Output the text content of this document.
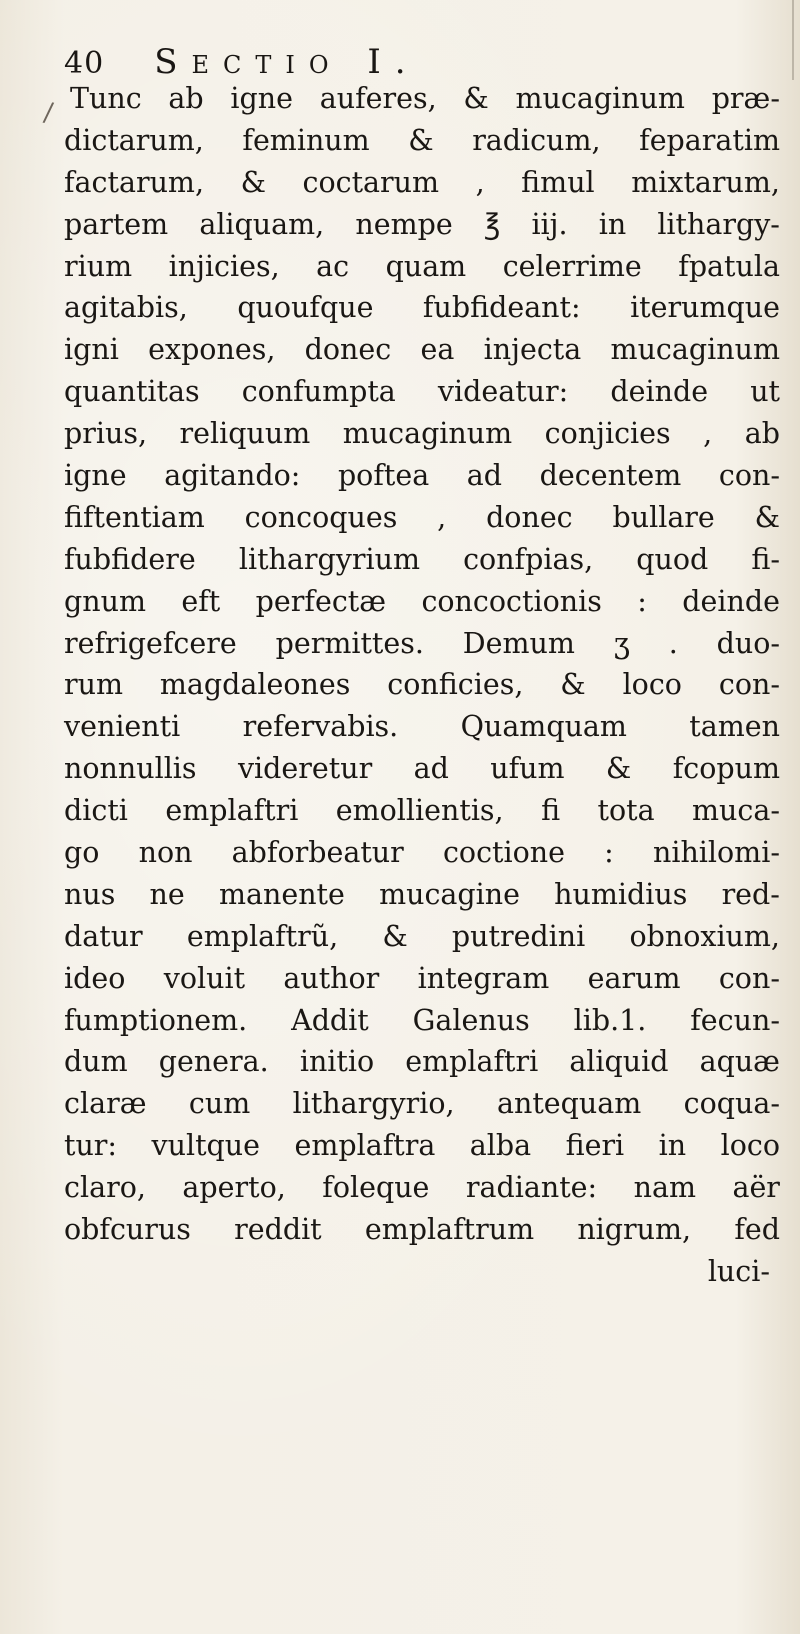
40 Sectio I.
/ Tunc ab igne auferes, & mucaginum præ-
dictarum, feminum & radicum, feparatim
factarum, & coctarum , fimul mixtarum,
partem aliquam, nempe ℥ iij. in lithargy-
rium injicies, ac quam celerrime fpatula
agitabis, quoufque fubfideant: iterumque
igni expones, donec ea injecta mucaginum
quantitas confumpta videatur: deinde ut
prius, reliquum mucaginum conjicies , ab
igne agitando: poftea ad decentem con-
fiftentiam concoques , donec bullare &
fubfidere lithargyrium confpias, quod fi-
gnum eft perfectæ concoctionis : deinde
refrigefcere permittes. Demum ʒ . duo-
rum magdaleones conficies, & loco con-
venienti refervabis. Quamquam tamen
nonnullis videretur ad ufum & fcopum
dicti emplaftri emollientis, fi tota muca-
go non abforbeatur coctione : nihilomi-
nus ne manente mucagine humidius red-
datur emplaftrũ, & putredini obnoxium,
ideo voluit author integram earum con-
fumptionem. Addit Galenus lib.1. fecun-
dum genera. initio emplaftri aliquid aquæ
claræ cum lithargyrio, antequam coqua-
tur: vultque emplaftra alba fieri in loco
claro, aperto, foleque radiante: nam aër
obfcurus reddit emplaftrum nigrum, fed
luci-
